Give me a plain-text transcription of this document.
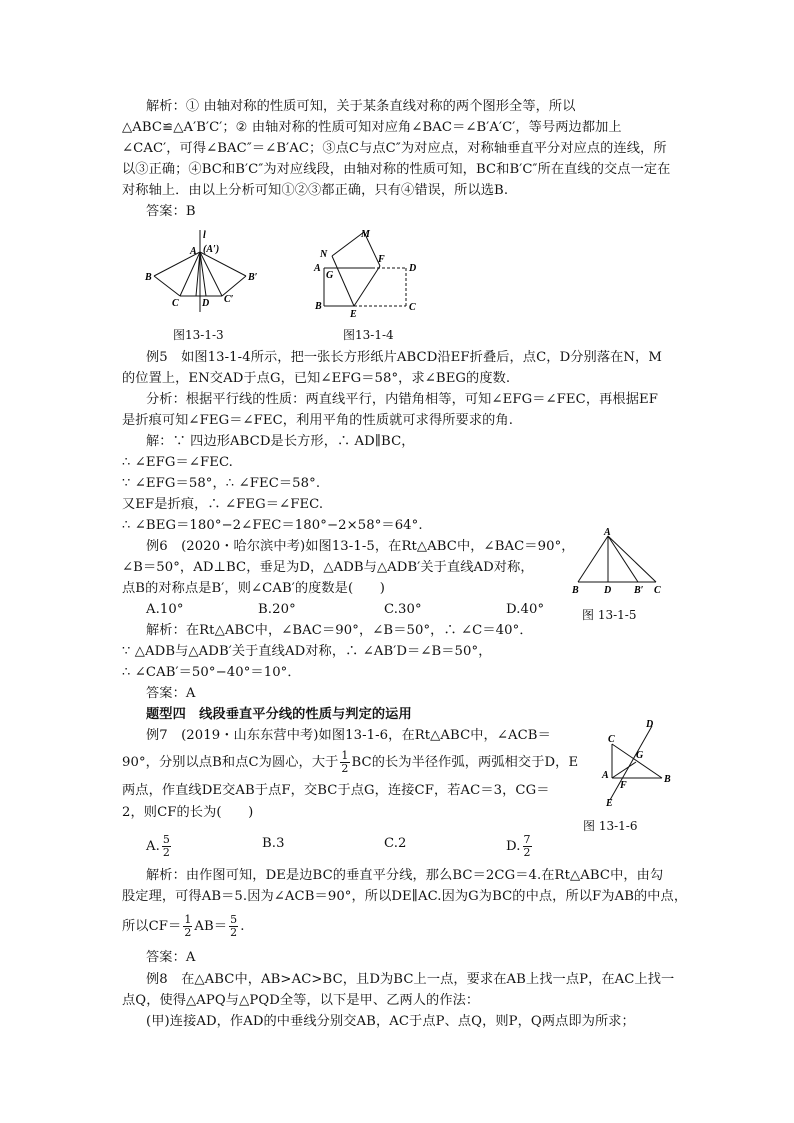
解析：① 由轴对称的性质可知，关于某条直线对称的两个图形全等，所以
△ABC≌△A′B′C′；② 由轴对称的性质可知对应角∠BAC＝∠B′A′C′，等号两边都加上
∠CAC′，可得∠BAC″＝∠B′AC；③点C与点C″为对应点，对称轴垂直平分对应点的连线，所
以③正确；④BC和B′C″为对应线段，由轴对称的性质可知，BC和B′C″所在直线的交点一定在
对称轴上．由以上分析可知①②③都正确，只有④错误，所以选B.
答案：B
l
A (A′)
B	B′
C D C′
图13-1-3
N
M
A
G
F
D
B
E
C
图13-1-4
例5　如图13-1-4所示，把一张长方形纸片ABCD沿EF折叠后，点C，D分别落在N，M
的位置上，EN交AD于点G，已知∠EFG＝58°，求∠BEG的度数.
分析：根据平行线的性质：两直线平行，内错角相等，可知∠EFG＝∠FEC，再根据EF
是折痕可知∠FEG＝∠FEC，利用平角的性质就可求得所要求的角.
解：∵ 四边形ABCD是长方形，∴ AD∥BC，
∴ ∠EFG＝∠FEC.
∵ ∠EFG＝58°，∴ ∠FEC＝58°.
又EF是折痕，∴ ∠FEG＝∠FEC.
∴ ∠BEG＝180°−2∠FEC＝180°−2×58°＝64°.
例6　(2020・哈尔滨中考)如图13-1-5，在Rt△ABC中，∠BAC＝90°，
∠B＝50°，AD⊥BC，垂足为D，△ADB与△ADB′关于直线AD对称，
点B的对称点是B′，则∠CAB′的度数是(　　)
A
B	D B′ C
图 13-1-5
A.10°	B.20°	C.30°	D.40°
解析：在Rt△ABC中，∠BAC＝90°，∠B＝50°，∴ ∠C＝40°．
∵ △ADB与△ADB′关于直线AD对称，∴ ∠AB′D＝∠B＝50°，
∴ ∠CAB′＝50°−40°＝10°．
答案：A
题型四　线段垂直平分线的性质与判定的运用
例7　(2019・山东东营中考)如图13-1-6，在Rt△ABC中，∠ACB＝
90°，分别以点B和点C为圆心，大于 $\frac{1}{2}$ BC的长为半径作弧，两弧相交于D，E
两点，作直线DE交AB于点F，交BC于点G，连接CF，若AC＝3，CG＝
2，则CF的长为(　　)
D
C
A
G
B
F
E
图 13-1-6
A. $\frac{5}{2}$	B.3	C.2	D. $\frac{7}{2}$
解析：由作图可知，DE是边BC的垂直平分线，那么BC＝2CG＝4.在Rt△ABC中，由勾
股定理，可得AB＝5.因为∠ACB＝90°，所以DE∥AC.因为G为BC的中点，所以F为AB的中点，
所以$CF= \frac{1}{2} AB= \frac{5}{2}$ .
答案：A
例8　在△ABC中，AB>AC>BC，且D为BC上一点，要求在AB上找一点P，在AC上找一
点Q，使得△APQ与△PQD全等，以下是甲、乙两人的作法：
(甲)连接AD，作AD的中垂线分别交AB，AC于点P、点Q，则P，Q两点即为所求；
